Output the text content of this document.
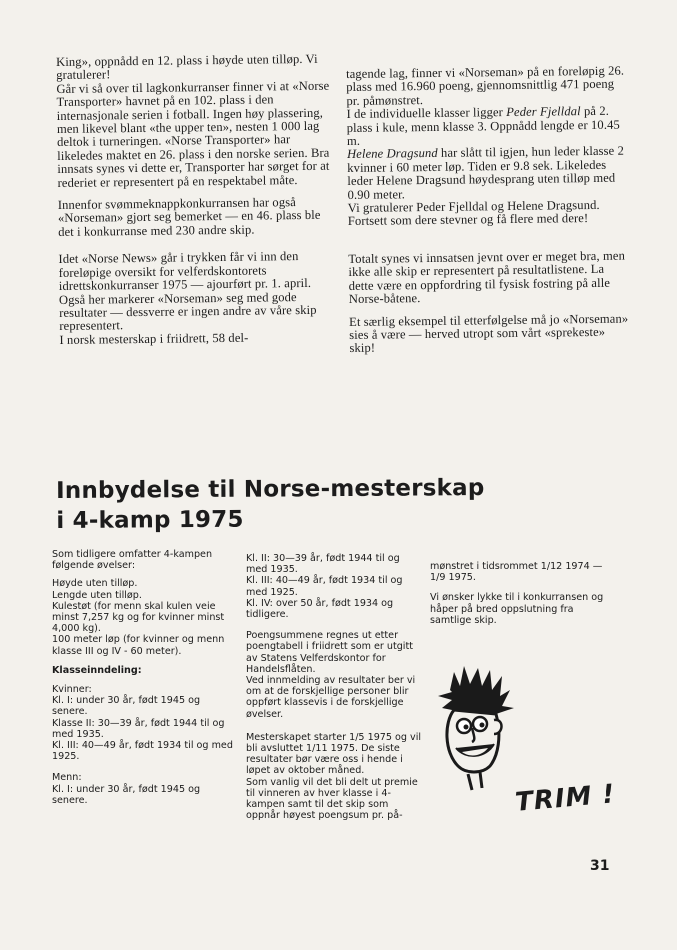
King», oppnådd en 12. plass i høyde uten tilløp. Vi gratulerer!

Går vi så over til lagkonkurranser finner vi at «Norse Transporter» havnet på en 102. plass i den internasjonale serien i fotball. Ingen høy plassering, men likevel blant «the upper ten», nesten 1 000 lag deltok i turneringen. «Norse Transporter» har likeledes maktet en 26. plass i den norske serien. Bra innsats synes vi dette er, Transporter har sørget for at rederiet er representert på en respektabel måte.

Innenfor svømmeknappkonkurransen har også «Norseman» gjort seg bemerket — en 46. plass ble det i konkurranse med 230 andre skip.

Idet «Norse News» går i trykken får vi inn den foreløpige oversikt for velferdskontorets idrettskonkurranser 1975 — ajourført pr. 1. april.

Også her markerer «Norseman» seg med gode resultater — dessverre er ingen andre av våre skip representert.

I norsk mesterskap i friidrett, 58 del-

tagende lag, finner vi «Norseman» på en foreløpig 26. plass med 16.960 poeng, gjennomsnittlig 471 poeng pr. påmønstret.

I de individuelle klasser ligger Peder Fjelldal på 2. plass i kule, menn klasse 3. Oppnådd lengde er 10.45 m.

Helene Dragsund har slått til igjen, hun leder klasse 2 kvinner i 60 meter løp. Tiden er 9.8 sek. Likeledes leder Helene Dragsund høydesprang uten tilløp med 0.90 meter.

Vi gratulerer Peder Fjelldal og Helene Dragsund. Fortsett som dere stevner og få flere med dere!

Totalt synes vi innsatsen jevnt over er meget bra, men ikke alle skip er representert på resultatlistene. La dette være en oppfordring til fysisk fostring på alle Norse-båtene.

Et særlig eksempel til etterfølgelse må jo «Norseman» sies å være — herved utropt som vårt «sprekeste» skip!

Innbydelse til Norse-mesterskap
i 4-kamp 1975

Som tidligere omfatter 4-kampen følgende øvelser:

Høyde uten tilløp.
Lengde uten tilløp.
Kulestøt (for menn skal kulen veie minst 7,257 kg og for kvinner minst 4,000 kg).
100 meter løp (for kvinner og menn klasse III og IV - 60 meter).

Klasseinndeling:

Kvinner:
Kl. I: under 30 år, født 1945 og senere.
Klasse II: 30—39 år, født 1944 til og med 1935.
Kl. III: 40—49 år, født 1934 til og med 1925.
Menn:
Kl. I: under 30 år, født 1945 og senere.
Kl. II: 30—39 år, født 1944 til og med 1935.
Kl. III: 40—49 år, født 1934 til og med 1925.
Kl. IV: over 50 år, født 1934 og tidligere.
Poengsummene regnes ut etter poengtabell i friidrett som er utgitt av Statens Velferdskontor for Handelsflåten.

Ved innmelding av resultater ber vi om at de forskjellige personer blir oppført klassevis i de forskjellige øvelser.

Mesterskapet starter 1/5 1975 og vil bli avsluttet 1/11 1975. De siste resultater bør være oss i hende i løpet av oktober måned.
Som vanlig vil det bli delt ut premie til vinneren av hver klasse i 4-kampen samt til det skip som oppnår høyest poengsum pr. på-

mønstret i tidsrommet 1/12 1974 —1/9 1975.

Vi ønsker lykke til i konkurransen og håper på bred oppslutning fra samtlige skip.

TRIM !
31
